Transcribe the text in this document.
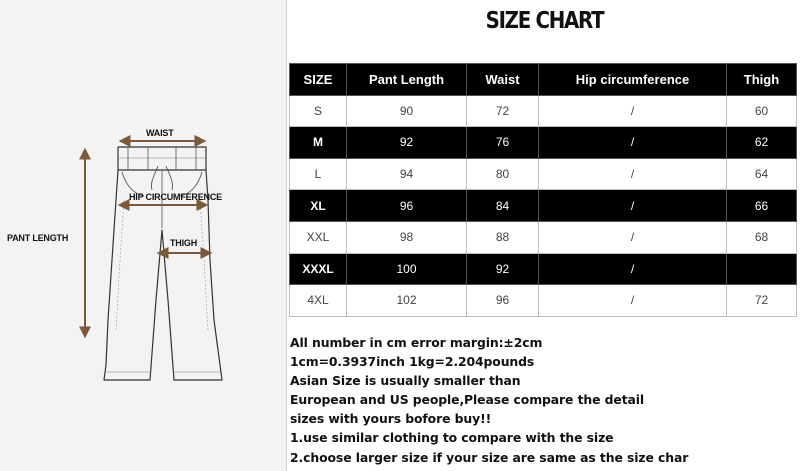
WAIST
HIP CIRCUMFERENCE
THIGH
PANT LENGTH
SIZE CHART
SIZE	Pant Length	Waist	Hip circumference	Thigh
S	90	72	/	60
M	92	76	/	62
L	94	80	/	64
XL	96	84	/	66
XXL	98	88	/	68
XXXL	100	92	/	
4XL	102	96	/	72
All number in cm error margin:±2cm
1cm=0.3937inch 1kg=2.204pounds
Asian Size is usually smaller than
European and US people,Please compare the detail
sizes with yours bofore buy!!
1.use similar clothing to compare with the size
2.choose larger size if your size are same as the size char
